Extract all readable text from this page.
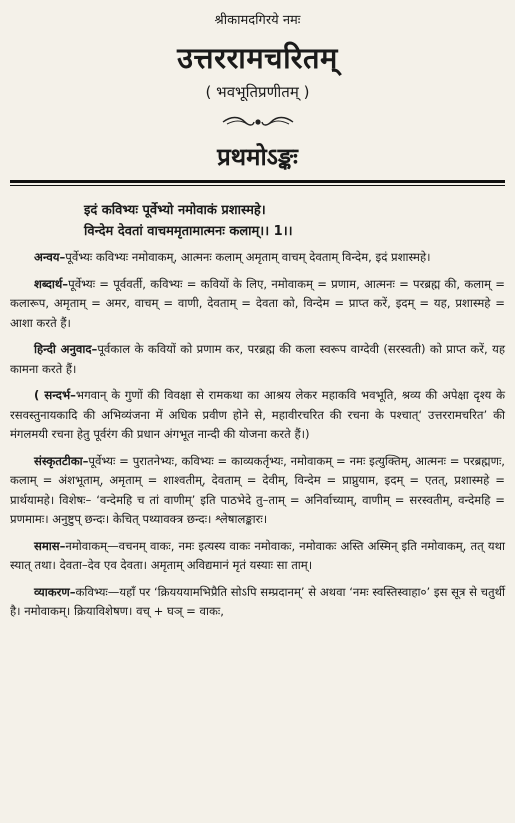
श्रीकामदगिरये नमः
उत्तररामचरितम्
( भवभूतिप्रणीतम् )
प्रथमोऽङ्कः
इदं कविभ्यः पूर्वेभ्यो नमोवाकं प्रशास्महे।
विन्देम देवतां वाचममृतामात्मनः कलाम्।। 1।।

अन्वय–पूर्वेभ्यः कविभ्यः नमोवाकम्, आत्मनः कलाम् अमृताम् वाचम् देवताम् विन्देम, इदं प्रशास्महे।

शब्दार्थ–पूर्वेभ्यः = पूर्ववर्ती, कविभ्यः = कवियों के लिए, नमोवाकम् = प्रणाम, आत्मनः = परब्रह्म की, कलाम् = कलारूप, अमृताम् = अमर, वाचम् = वाणी, देवताम् = देवता को, विन्देम = प्राप्त करें, इदम् = यह, प्रशास्महे = आशा करते हैं।

हिन्दी अनुवाद–पूर्वकाल के कवियों को प्रणाम कर, परब्रह्म की कला स्वरूप वाग्देवी (सरस्वती) को प्राप्त करें, यह कामना करते हैं।

( सन्दर्भ–भगवान् के गुणों की विवक्षा से रामकथा का आश्रय लेकर महाकवि भवभूति, श्रव्य की अपेक्षा दृश्य के रसवस्तुनायकादि की अभिव्यंजना में अधिक प्रवीण होने से, महावीरचरित की रचना के पश्चात्‘ उत्तररामचरित’ की मंगलमयी रचना हेतु पूर्वरंग की प्रधान अंगभूत नान्दी की योजना करते हैं।)

संस्कृतटीका–पूर्वेभ्यः = पुरातनेभ्यः, कविभ्यः = काव्यकर्तृभ्यः, नमोवाकम् = नमः इत्युक्तिम्, आत्मनः = परब्रह्मणः, कलाम् = अंशभूताम्, अमृताम् = शाश्वतीम्, देवताम् = देवीम्, विन्देम = प्राप्नुयाम, इदम् = एतत्, प्रशास्महे = प्रार्थयामहे। विशेषः– ‘वन्देमहि च तां वाणीम्’ इति पाठभेदे तु–ताम् = अनिर्वाच्याम्, वाणीम् = सरस्वतीम्, वन्देमहि = प्रणमामः। अनुष्टुप् छन्दः। केचित् पथ्यावक्त्र छन्दः। श्लेषालङ्कारः।

समास–नमोवाकम्—वचनम् वाकः, नमः इत्यस्य वाकः नमोवाकः, नमोवाकः अस्ति अस्मिन् इति नमोवाकम्, तत् यथा स्यात् तथा। देवता–देव एव देवता। अमृताम् अविद्यमानं मृतं यस्याः सा ताम्।

व्याकरण–कविभ्यः—यहाँ पर ‘क्रियययामभिप्रैति सोऽपि सम्प्रदानम्’ से अथवा ‘नमः स्वस्तिस्वाहा०’ इस सूत्र से चतुर्थी है। नमोवाकम्। क्रियाविशेषण। वच् + घञ् = वाकः,
